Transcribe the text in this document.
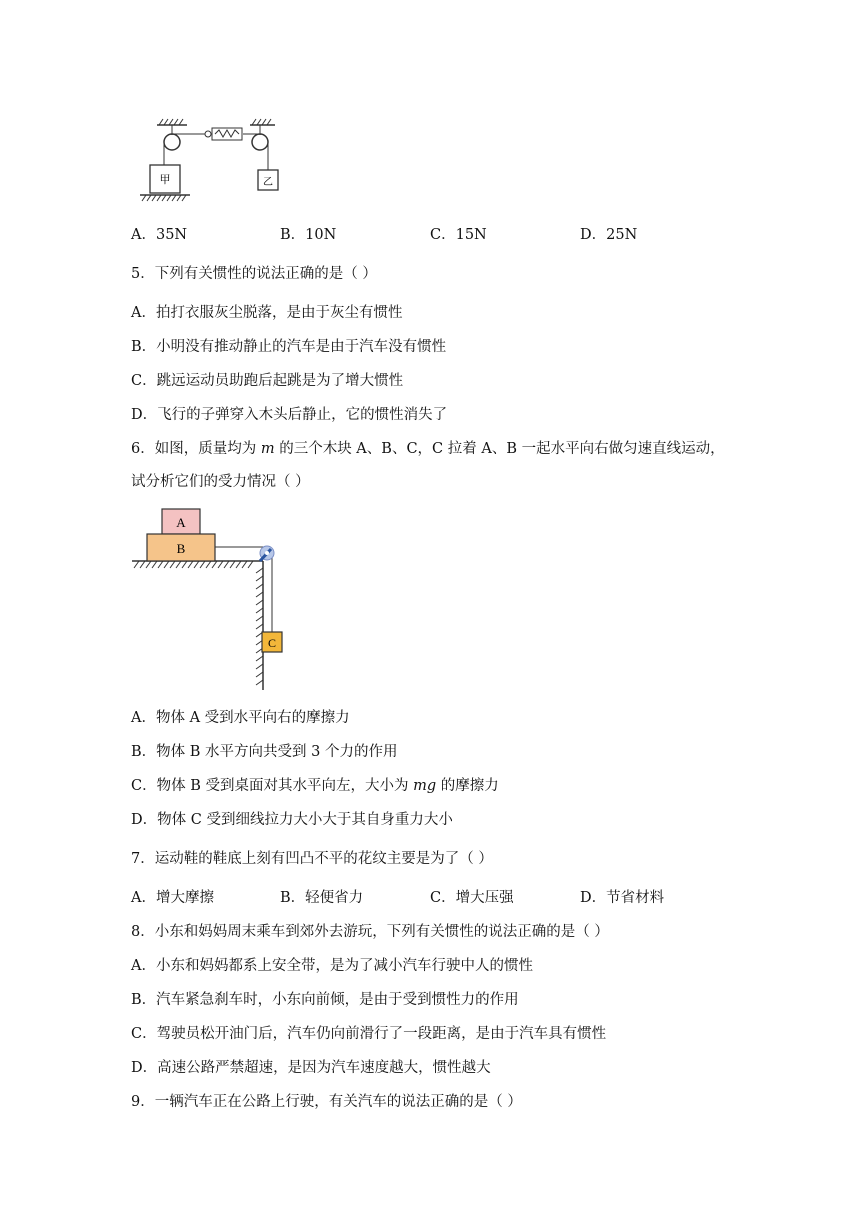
甲	乙
A．35N	B．10N	C．15N	D．25N
5．下列有关惯性的说法正确的是（ ）
A．拍打衣服灰尘脱落，是由于灰尘有惯性
B．小明没有推动静止的汽车是由于汽车没有惯性
C．跳远运动员助跑后起跳是为了增大惯性
D．飞行的子弹穿入木头后静止，它的惯性消失了
6．如图，质量均为 m 的三个木块 A、B、C，C 拉着 A、B 一起水平向右做匀速直线运动，
试分析它们的受力情况（ ）
A
B
C
A．物体 A 受到水平向右的摩擦力
B．物体 B 水平方向共受到 3 个力的作用
C．物体 B 受到桌面对其水平向左，大小为 mg 的摩擦力
D．物体 C 受到细线拉力大小大于其自身重力大小
7．运动鞋的鞋底上刻有凹凸不平的花纹主要是为了（ ）
A．增大摩擦	B．轻便省力	C．增大压强	D．节省材料
8．小东和妈妈周末乘车到郊外去游玩，下列有关惯性的说法正确的是（ ）
A．小东和妈妈都系上安全带，是为了减小汽车行驶中人的惯性
B．汽车紧急刹车时，小东向前倾，是由于受到惯性力的作用
C．驾驶员松开油门后，汽车仍向前滑行了一段距离，是由于汽车具有惯性
D．高速公路严禁超速，是因为汽车速度越大，惯性越大
9．一辆汽车正在公路上行驶，有关汽车的说法正确的是（ ）
